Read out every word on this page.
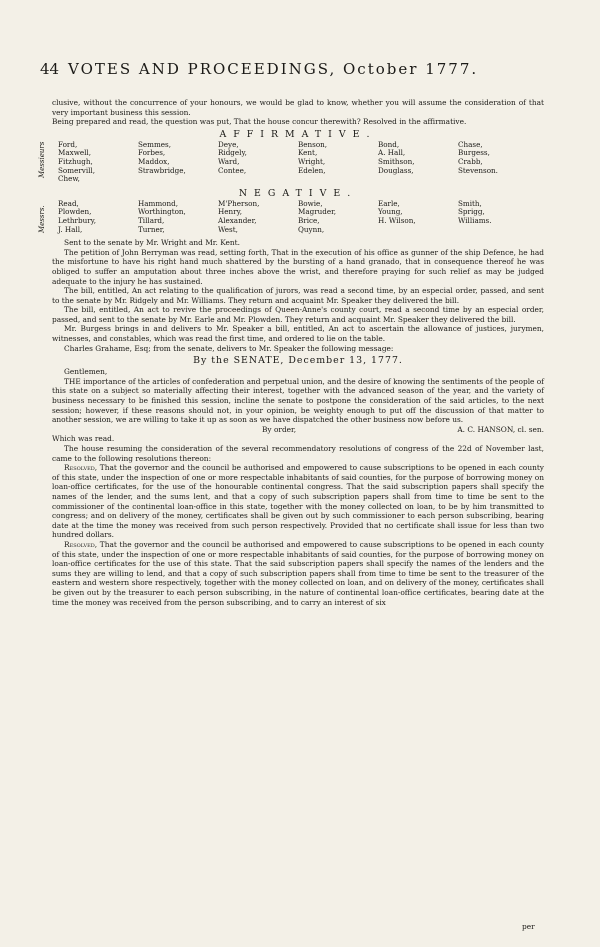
44 VOTES AND PROCEEDINGS, October 1777.

clusive, without the concurrence of your honours, we would be glad to know, whether you will assume the consideration of that very important business this session.

Being prepared and read, the question was put, That the house concur therewith? Resolved in the affirmative.

AFFIRMATIVE.
Messieurs Ford,	Semmes,	Deye,	Benson,	Bond,	Chase,
Maxwell,	Forbes,	Ridgely,	Kent,	A. Hall,	Burgess,
Fitzhugh,	Maddox,	Ward,	Wright,	Smithson,	Crabb,
Somervill,	Strawbridge,	Contee,	Edelen,	Douglass,	Stevenson.
Chew,					
NEGATIVE.
Messrs.
Read,	Hammond,	M'Pherson,	Bowie,	Earle,	Smith,
Plowden,	Worthington,	Henry,	Magruder,	Young,	Sprigg,
Lethrbury,	Tillard,	Alexander,	Brice,	H. Wilson,	Williams.
J. Hall,	Turner,	West,	Quynn,		

Sent to the senate by Mr. Wright and Mr. Kent.

The petition of John Berryman was read, setting forth, That in the execution of his office as gunner of the ship Defence, he had the misfortune to have his right hand much shattered by the bursting of a hand granado, that in consequence thereof he was obliged to suffer an amputation about three inches above the wrist, and therefore praying for such relief as may be judged adequate to the injury he has sustained.

The bill, entitled, An act relating to the qualification of jurors, was read a second time, by an especial order, passed, and sent to the senate by Mr. Ridgely and Mr. Williams. They return and acquaint Mr. Speaker they delivered the bill.

The bill, entitled, An act to revive the proceedings of Queen-Anne's county court, read a second time by an especial order, passed, and sent to the senate by Mr. Earle and Mr. Plowden. They return and acquaint Mr. Speaker they delivered the bill.

Mr. Burgess brings in and delivers to Mr. Speaker a bill, entitled, An act to ascertain the allowance of justices, jurymen, witnesses, and constables, which was read the first time, and ordered to lie on the table.

Charles Grahame, Esq; from the senate, delivers to Mr. Speaker the following message:

By the SENATE, December 13, 1777.

Gentlemen,

THE importance of the articles of confederation and perpetual union, and the desire of knowing the sentiments of the people of this state on a subject so materially affecting their interest, together with the advanced season of the year, and the variety of business necessary to be finished this session, incline the senate to postpone the consideration of the said articles, to the next session; however, if these reasons should not, in your opinion, be weighty enough to put off the discussion of that matter to another session, we are willing to take it up as soon as we have dispatched the other business now before us.

By order,	A. C. HANSON, cl. sen.

Which was read.

The house resuming the consideration of the several recommendatory resolutions of congress of the 22d of November last, came to the following resolutions thereon:

Resolved, That the governor and the council be authorised and empowered to cause subscriptions to be opened in each county of this state, under the inspection of one or more respectable inhabitants of said counties, for the purpose of borrowing money on loan-office certificates, for the use of the honourable continental congress. That the said subscription papers shall specify the names of the lender, and the sums lent, and that a copy of such subscription papers shall from time to time be sent to the commissioner of the continental loan-office in this state, together with the money collected on loan, to be by him transmitted to congress; and on delivery of the money, certificates shall be given out by such commissioner to each person subscribing, bearing date at the time the money was received from such person respectively. Provided that no certificate shall issue for less than two hundred dollars.

Resolved, That the governor and the council be authorised and empowered to cause subscriptions to be opened in each county of this state, under the inspection of one or more respectable inhabitants of said counties, for the purpose of borrowing money on loan-office certificates for the use of this state. That the said subscription papers shall specify the names of the lenders and the sums they are willing to lend, and that a copy of such subscription papers shall from time to time be sent to the treasurer of the eastern and western shore respectively, together with the money collected on loan, and on delivery of the money, certificates shall be given out by the treasurer to each person subscribing, in the nature of continental loan-office certificates, bearing date at the time the money was received from the person subscribing, and to carry an interest of six

per
